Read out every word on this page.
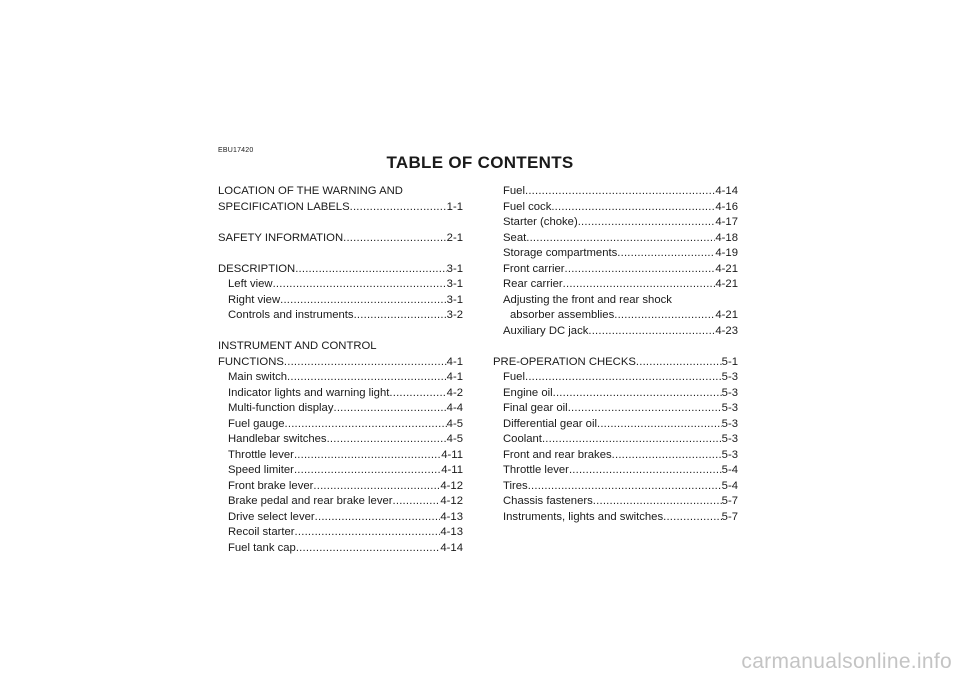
EBU17420
TABLE OF CONTENTS
LOCATION OF THE WARNING AND
SPECIFICATION LABELS .....	1-1
SAFETY INFORMATION .....	2-1
DESCRIPTION .....	3-1
Left view .....	3-1
Right view .....	3-1
Controls and instruments .....	3-2
INSTRUMENT AND CONTROL
FUNCTIONS .....	4-1
Main switch .....	4-1
Indicator lights and warning light .....	4-2
Multi-function display .....	4-4
Fuel gauge .....	4-5
Handlebar switches .....	4-5
Throttle lever .....	4-11
Speed limiter .....	4-11
Front brake lever .....	4-12
Brake pedal and rear brake lever .....	4-12
Drive select lever .....	4-13
Recoil starter .....	4-13
Fuel tank cap .....	4-14
Fuel .....	4-14
Fuel cock .....	4-16
Starter (choke) .....	4-17
Seat .....	4-18
Storage compartments .....	4-19
Front carrier .....	4-21
Rear carrier .....	4-21
Adjusting the front and rear shock
absorber assemblies .....	4-21
Auxiliary DC jack .....	4-23
PRE-OPERATION CHECKS .....	5-1
Fuel .....	5-3
Engine oil .....	5-3
Final gear oil .....	5-3
Differential gear oil .....	5-3
Coolant .....	5-3
Front and rear brakes .....	5-3
Throttle lever .....	5-4
Tires .....	5-4
Chassis fasteners .....	5-7
Instruments, lights and switches .....	5-7
carmanualsonline.info
